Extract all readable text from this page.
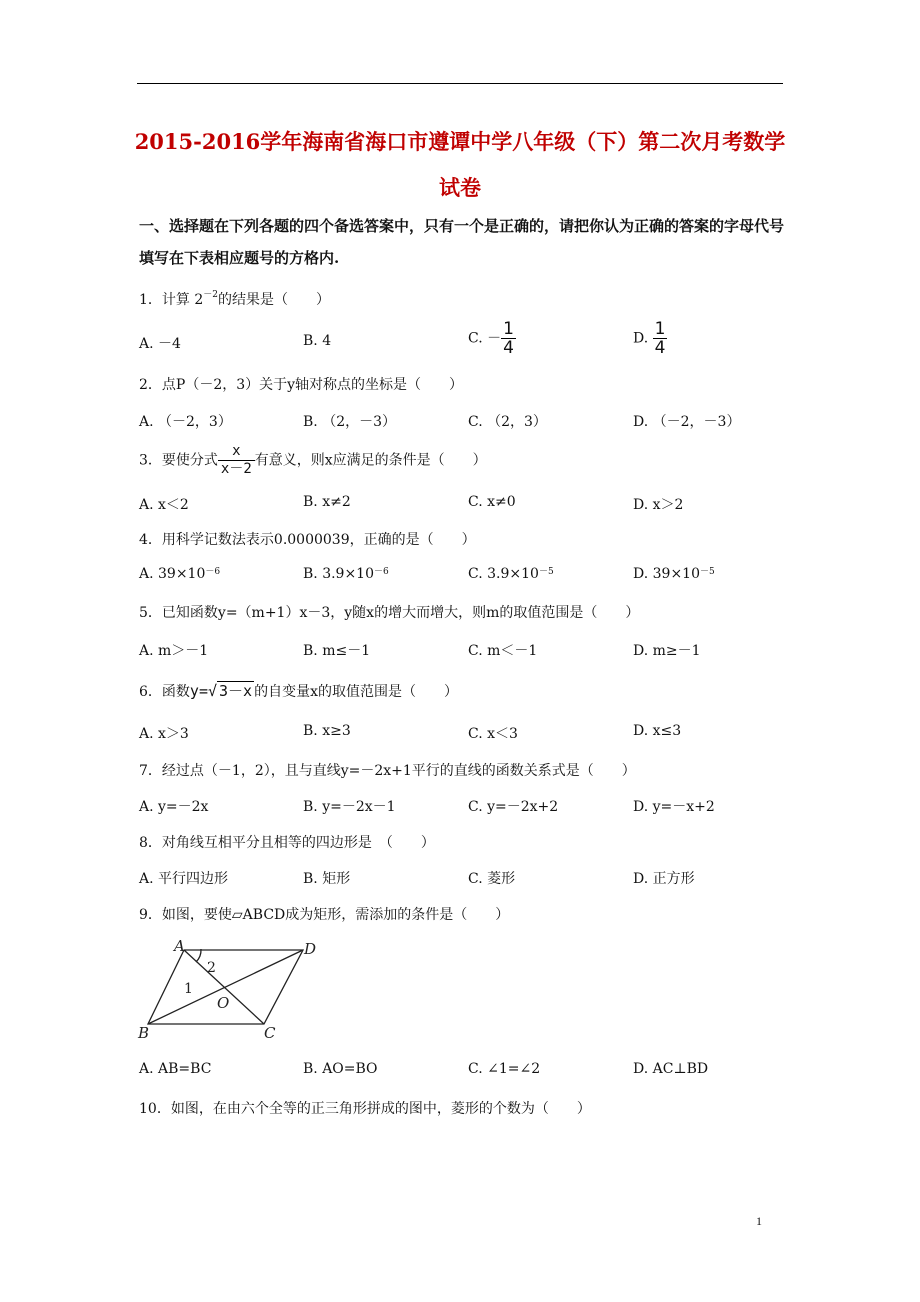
2015-2016学年海南省海口市遵谭中学八年级（下）第二次月考数学
试卷
一、选择题在下列各题的四个备选答案中，只有一个是正确的，请把你认为正确的答案的字母代号填写在下表相应题号的方格内.
1．计算 $2^{-2}$的结果是（　　）
A. －4	B. 4	C. － $\frac{1}{4}$	D. $\frac{1}{4}$
2．点P（－2，3）关于y轴对称点的坐标是（　　）
A. （－2，3）	B. （2，－3）	C. （2，3）	D. （－2，－3）
3．要使分式 $\frac{x}{x-2}$ 有意义，则x应满足的条件是（　　）
A. x＜2	B. x≠2	C. x≠0	D. x＞2
4．用科学记数法表示0.0000039，正确的是（　　）
A. $39\times 10^{-6}$	B. $3.9\times 10^{-6}$	C. $3.9\times 10^{-5}$	D. $39\times 10^{-5}$
5．已知函数y=（m+1）x－3，y随x的增大而增大，则m的取值范围是（　　）
A. m＞－1	B. m≤－1	C. m＜－1	D. m≥－1
6．函数y=√ 3－x 的自变量x的取值范围是（　　）
A. x＞3	B. x≥3	C. x＜3	D. x≤3
7．经过点（－1，2），且与直线y=－2x+1平行的直线的函数关系式是（　　）
A. y=－2x	B. y=－2x－1	C. y=－2x+2	D. y=－x+2
8．对角线互相平分且相等的四边形是　（　　）
A. 平行四边形	B. 矩形	C. 菱形	D. 正方形
9．如图，要使▱ABCD成为矩形，需添加的条件是（　　）
A	D
B	C
O
1
2
A. AB=BC	B. AO=BO	C. ∠1=∠2	D. AC⊥BD
10．如图，在由六个全等的正三角形拼成的图中，菱形的个数为（　　）
1
